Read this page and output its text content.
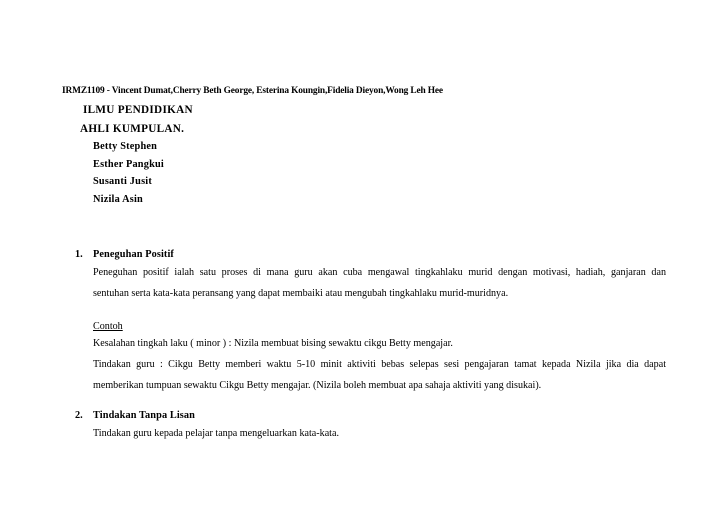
IRMZ1109 - Vincent Dumat,Cherry Beth George, Esterina Koungin,Fidelia Dieyon,Wong Leh Hee
ILMU PENDIDIKAN
AHLI KUMPULAN.
Betty Stephen
Esther Pangkui
Susanti Jusit
Nizila Asin
1. Peneguhan Positif
Peneguhan positif ialah satu proses di mana guru akan cuba mengawal tingkahlaku murid dengan motivasi, hadiah, ganjaran dan
sentuhan serta kata-kata peransang yang dapat membaiki atau mengubah tingkahlaku murid-muridnya.
Contoh
Kesalahan tingkah laku ( minor ) : Nizila membuat bising sewaktu cikgu Betty mengajar.
Tindakan guru : Cikgu Betty memberi waktu 5-10 minit aktiviti bebas selepas sesi pengajaran tamat kepada Nizila jika dia dapat
memberikan tumpuan sewaktu Cikgu Betty mengajar. (Nizila boleh membuat apa sahaja aktiviti yang disukai).
2. Tindakan Tanpa Lisan
Tindakan guru kepada pelajar tanpa mengeluarkan kata-kata.
